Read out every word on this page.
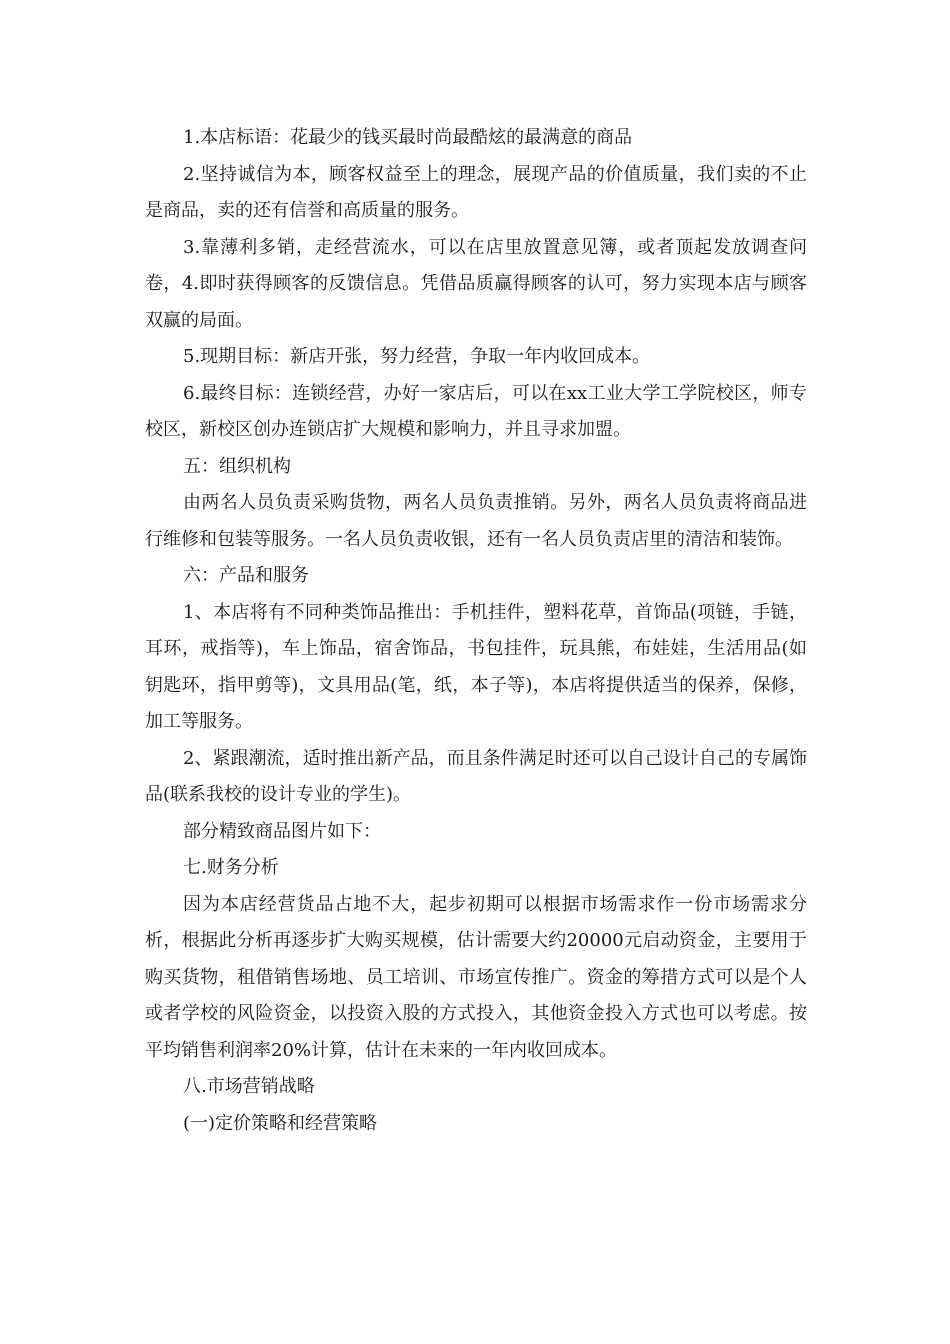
1.本店标语：花最少的钱买最时尚最酷炫的最满意的商品

2.坚持诚信为本，顾客权益至上的理念，展现产品的价值质量，我们卖的不止是商品，卖的还有信誉和高质量的服务。

3.靠薄利多销，走经营流水，可以在店里放置意见簿，或者顶起发放调查问卷，4.即时获得顾客的反馈信息。凭借品质赢得顾客的认可，努力实现本店与顾客双赢的局面。

5.现期目标：新店开张，努力经营，争取一年内收回成本。

6.最终目标：连锁经营，办好一家店后，可以在xx工业大学工学院校区，师专校区，新校区创办连锁店扩大规模和影响力，并且寻求加盟。

五：组织机构

由两名人员负责采购货物，两名人员负责推销。另外，两名人员负责将商品进行维修和包装等服务。一名人员负责收银，还有一名人员负责店里的清洁和装饰。

六：产品和服务

1、本店将有不同种类饰品推出：手机挂件，塑料花草，首饰品(项链，手链，耳环，戒指等)，车上饰品，宿舍饰品，书包挂件，玩具熊，布娃娃，生活用品(如钥匙环，指甲剪等)，文具用品(笔，纸，本子等)，本店将提供适当的保养，保修，加工等服务。

2、紧跟潮流，适时推出新产品，而且条件满足时还可以自己设计自己的专属饰品(联系我校的设计专业的学生)。

部分精致商品图片如下：

七.财务分析

因为本店经营货品占地不大，起步初期可以根据市场需求作一份市场需求分析，根据此分析再逐步扩大购买规模，估计需要大约20000元启动资金，主要用于购买货物，租借销售场地、员工培训、市场宣传推广。资金的筹措方式可以是个人或者学校的风险资金，以投资入股的方式投入，其他资金投入方式也可以考虑。按平均销售利润率20%计算，估计在未来的一年内收回成本。

八.市场营销战略

(一)定价策略和经营策略
